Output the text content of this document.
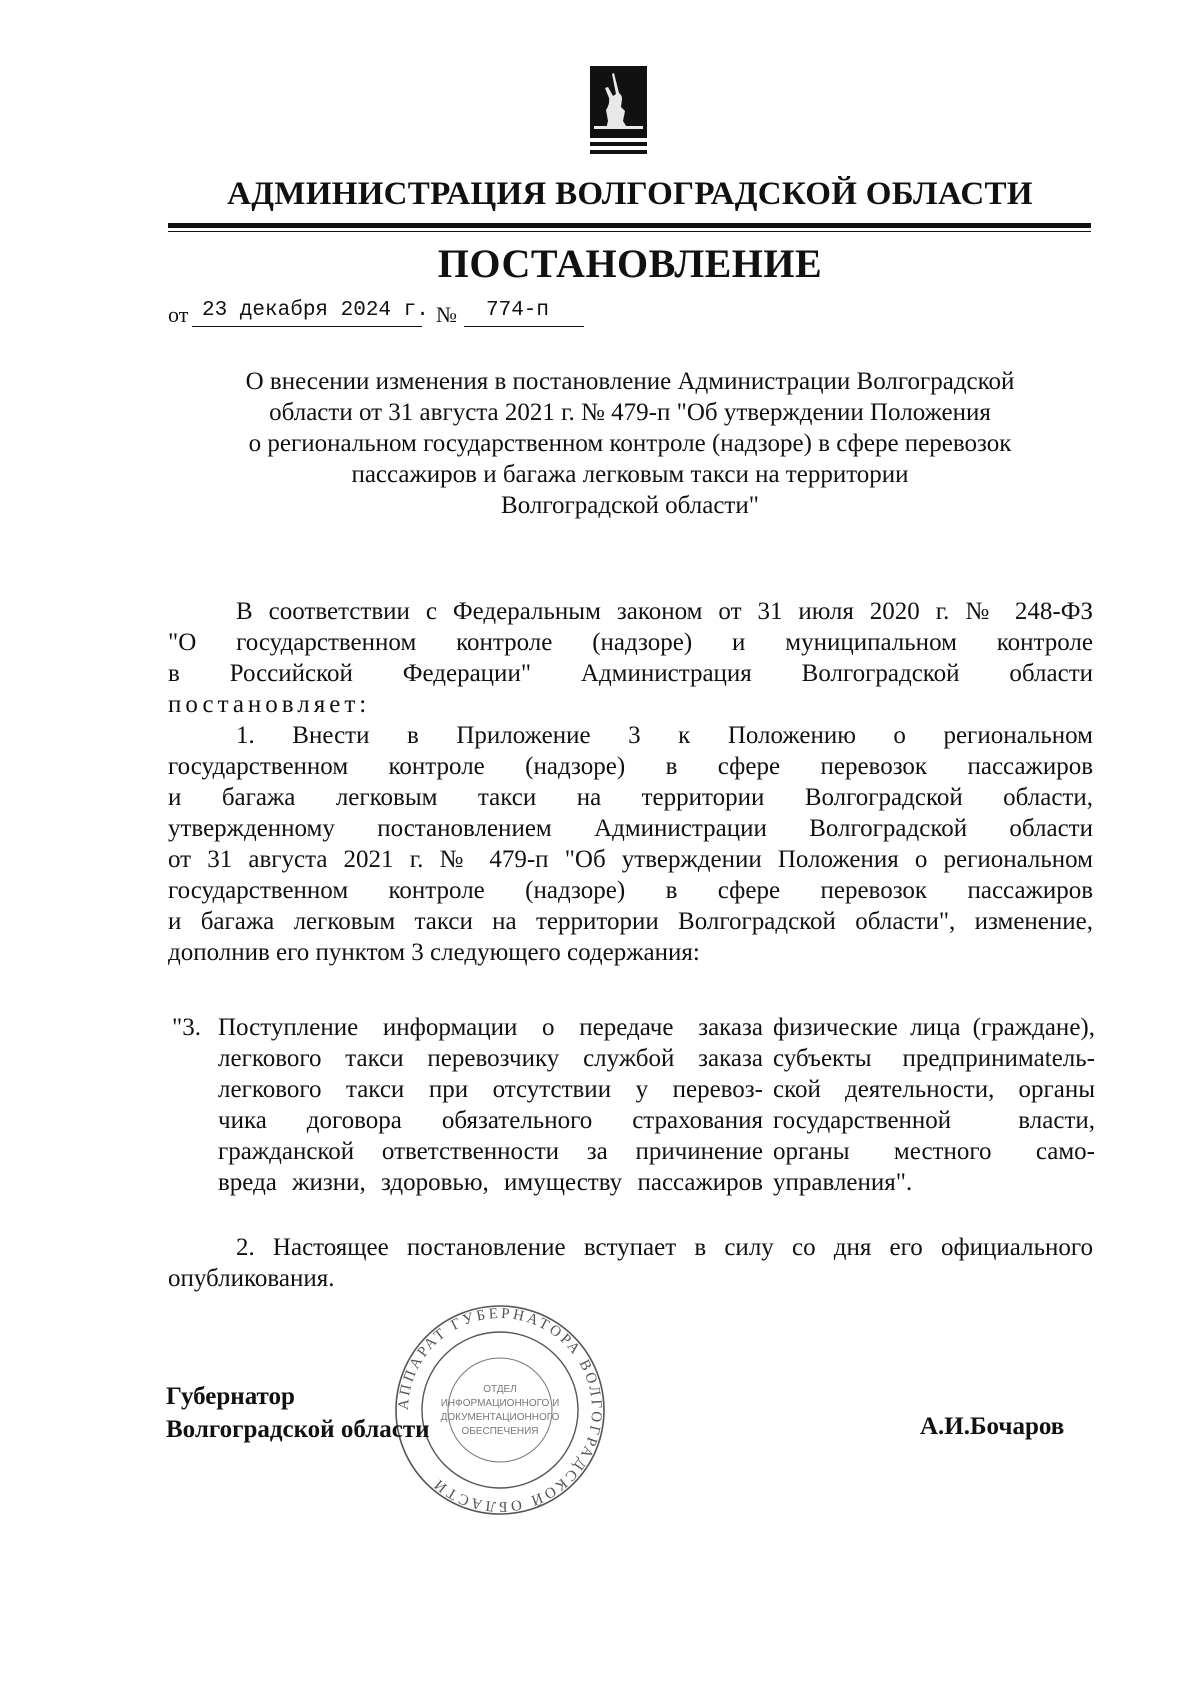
АДМИНИСТРАЦИЯ ВОЛГОГРАДСКОЙ ОБЛАСТИ
ПОСТАНОВЛЕНИЕ
от 23 декабря 2024 г. № 774-п
О внесении изменения в постановление Администрации Волгоградской
области от 31 августа 2021 г. № 479-п "Об утверждении Положения
о региональном государственном контроле (надзоре) в сфере перевозок
пассажиров и багажа легковым такси на территории
Волгоградской области"
В соответствии с Федеральным законом от 31 июля 2020 г. № 248-ФЗ
"О государственном контроле (надзоре) и муниципальном контроле
в Российской Федерации" Администрация Волгоградской области
постановляет:
1. Внести в Приложение 3 к Положению о региональном
государственном контроле (надзоре) в сфере перевозок пассажиров
и багажа легковым такси на территории Волгоградской области,
утвержденному постановлением Администрации Волгоградской области
от 31 августа 2021 г. № 479-п "Об утверждении Положения о региональном
государственном контроле (надзоре) в сфере перевозок пассажиров
и багажа легковым такси на территории Волгоградской области", изменение,
дополнив его пунктом 3 следующего содержания:
"3. Поступление информации о передаче заказа
легкового такси перевозчику службой заказа
легкового такси при отсутствии у перевоз-
чика договора обязательного страхования
гражданской ответственности за причинение
вреда жизни, здоровью, имуществу пассажиров
физические лица (граждане),
субъекты предпринимatель-
ской деятельности, органы
государственной власти,
органы местного само-
управления".
2. Настоящее постановление вступает в силу со дня его официального
опубликования.
АППАРАТ ГУБЕРНАТОРА ВОЛГОГРАДСКОЙ ОБЛАСТИ
ОТДЕЛ
ИНФОРМАЦИОННОГО И
ДОКУМЕНТАЦИОННОГО
ОБЕСПЕЧЕНИЯ
Губернатор
Волгоградской области	А.И.Бочаров
